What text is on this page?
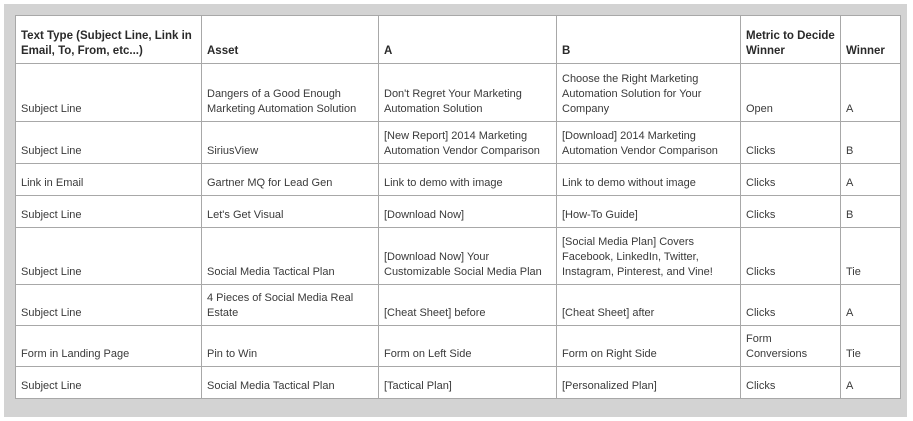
Text Type (Subject Line, Link in Email, To, From, etc...)	Asset	A	B	Metric to Decide Winner	Winner
Subject Line	Dangers of a Good Enough Marketing Automation Solution	Don't Regret Your Marketing Automation Solution	Choose the Right Marketing Automation Solution for Your Company	Open	A
Subject Line	SiriusView	[New Report] 2014 Marketing Automation Vendor Comparison	[Download] 2014 Marketing Automation Vendor Comparison	Clicks	B
Link in Email	Gartner MQ for Lead Gen	Link to demo with image	Link to demo without image	Clicks	A
Subject Line	Let's Get Visual	[Download Now]	[How-To Guide]	Clicks	B
Subject Line	Social Media Tactical Plan	[Download Now] Your Customizable Social Media Plan	[Social Media Plan] Covers Facebook, LinkedIn, Twitter, Instagram, Pinterest, and Vine!	Clicks	Tie
Subject Line	4 Pieces of Social Media Real Estate	[Cheat Sheet] before	[Cheat Sheet] after	Clicks	A
Form in Landing Page	Pin to Win	Form on Left Side	Form on Right Side	Form Conversions	Tie
Subject Line	Social Media Tactical Plan	[Tactical Plan]	[Personalized Plan]	Clicks	A
